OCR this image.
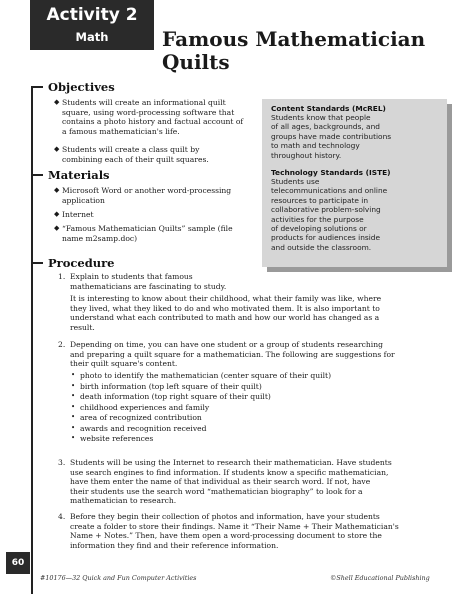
Activity 2
Math	Famous Mathematician
Quilts
Objectives
◆ Students will create an informational quilt
square, using word-processing software that
contains a photo history and factual account of
a famous mathematician's life.
◆ Students will create a class quilt by
combining each of their quilt squares.
Materials
◆ Microsoft Word or another word-processing
application
◆ Internet
◆ “Famous Mathematician Quilts” sample (file
name m2samp.doc)
Content Standards (McREL)
Students know that people
of all ages, backgrounds, and
groups have made contributions
to math and technology
throughout history.
Technology Standards (ISTE)
Students use
telecommunications and online
resources to participate in
collaborative problem-solving
activities for the purpose
of developing solutions or
products for audiences inside
and outside the classroom.
Procedure
1. Explain to students that famous
mathematicians are fascinating to study.
It is interesting to know about their childhood, what their family was like, where
they lived, what they liked to do and who motivated them. It is also important to
understand what each contributed to math and how our world has changed as a
result.
2. Depending on time, you can have one student or a group of students researching
and preparing a quilt square for a mathematician. The following are suggestions for
their quilt square's content.
• photo to identify the mathematician (center square of their quilt)
• birth information (top left square of their quilt)
• death information (top right square of their quilt)
• childhood experiences and family
• area of recognized contribution
• awards and recognition received
• website references
3. Students will be using the Internet to research their mathematician. Have students
use search engines to find information. If students know a specific mathematician,
have them enter the name of that individual as their search word. If not, have
their students use the search word “mathematician biography” to look for a
mathematician to research.
4. Before they begin their collection of photos and information, have your students
create a folder to store their findings. Name it “Their Name + Their Mathematician's
Name + Notes.” Then, have them open a word-processing document to store the
information they find and their reference information.
60
#10176—32 Quick and Fun Computer Activities	©Shell Educational Publishing
